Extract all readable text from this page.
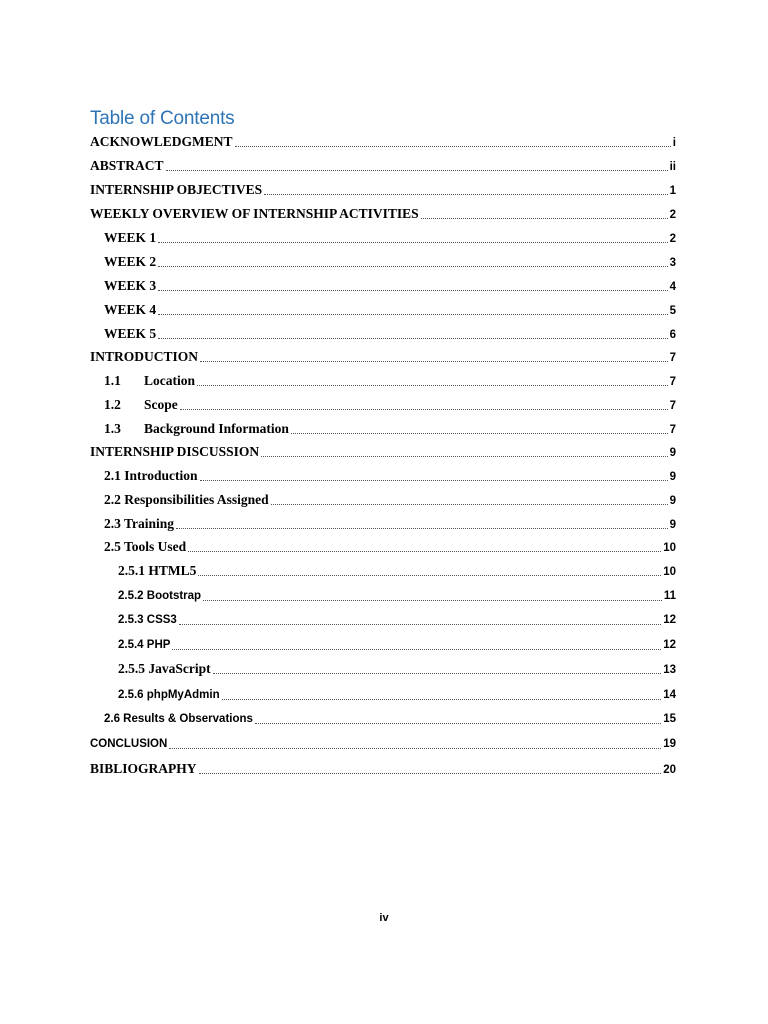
Table of Contents
ACKNOWLEDGMENT	i
ABSTRACT	ii
INTERNSHIP OBJECTIVES	1
WEEKLY OVERVIEW OF INTERNSHIP ACTIVITIES	2
WEEK 1	2
WEEK 2	3
WEEK 3	4
WEEK 4	5
WEEK 5	6
INTRODUCTION	7
1.1	Location	7
1.2	Scope	7
1.3	Background Information	7
INTERNSHIP DISCUSSION	9
2.1 Introduction	9
2.2 Responsibilities Assigned	9
2.3 Training	9
2.5 Tools Used	10
2.5.1 HTML5	10
2.5.2 Bootstrap	11
2.5.3 CSS3	12
2.5.4 PHP	12
2.5.5 JavaScript	13
2.5.6 phpMyAdmin	14
2.6 Results & Observations	15
CONCLUSION	19
BIBLIOGRAPHY	20
iv
